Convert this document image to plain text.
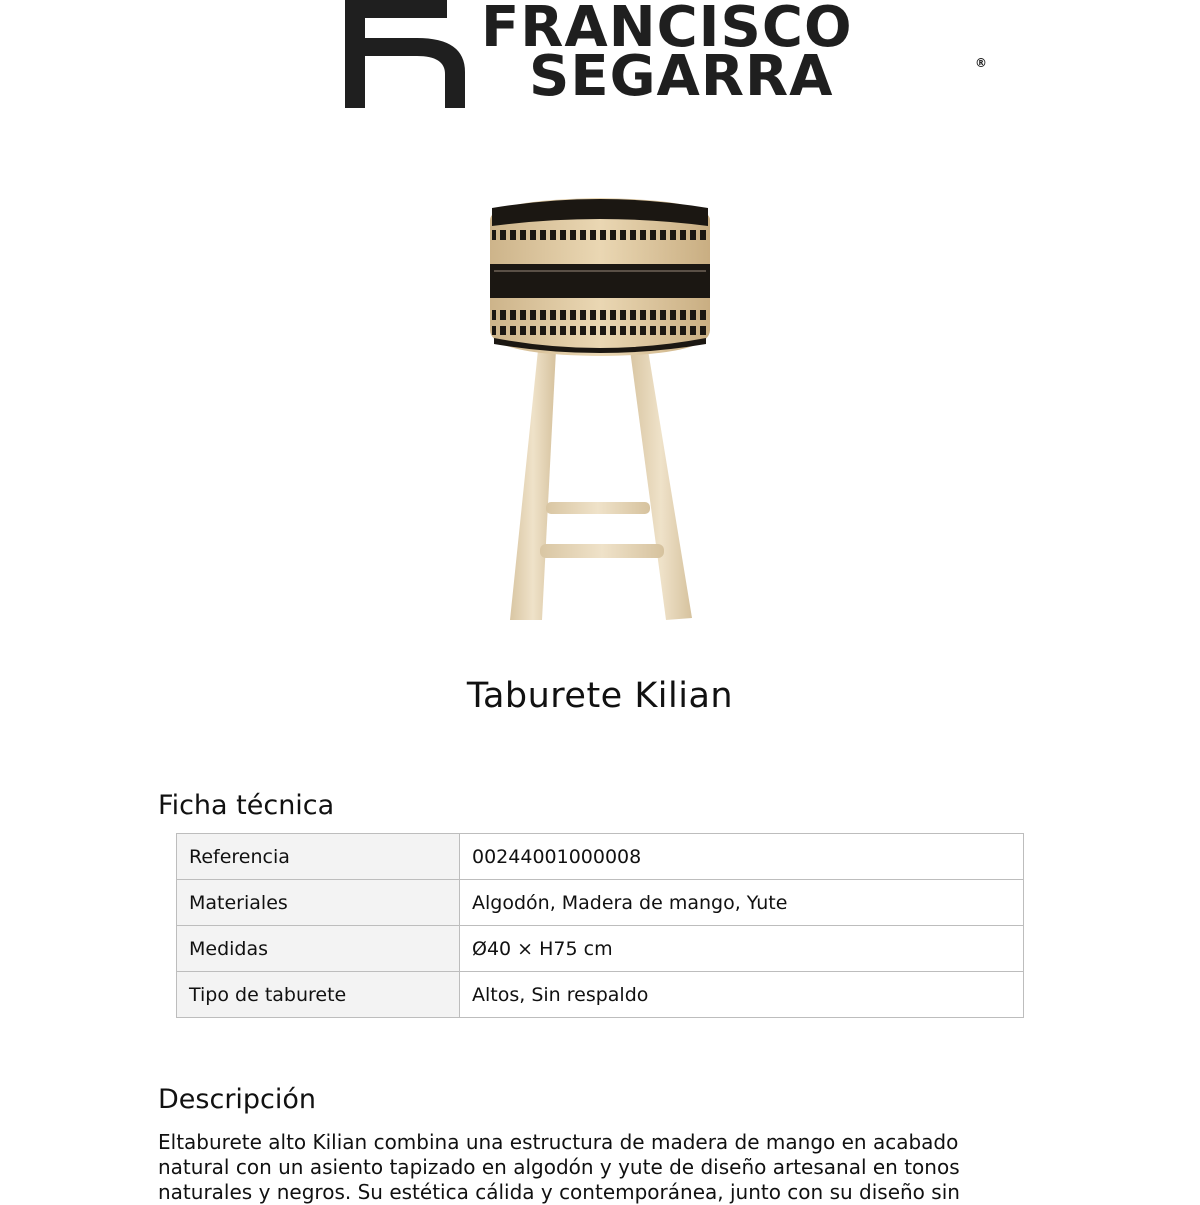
FRANCISCO
SEGARRA	®
Taburete Kilian
Ficha técnica
Referencia	00244001000008
Materiales	Algodón, Madera de mango, Yute
Medidas	Ø40 × H75 cm
Tipo de taburete	Altos, Sin respaldo
Descripción

Eltaburete alto Kilian combina una estructura de madera de mango en acabado natural con un asiento tapizado en algodón y yute de diseño artesanal en tonos naturales y negros. Su estética cálida y contemporánea, junto con su diseño sin
